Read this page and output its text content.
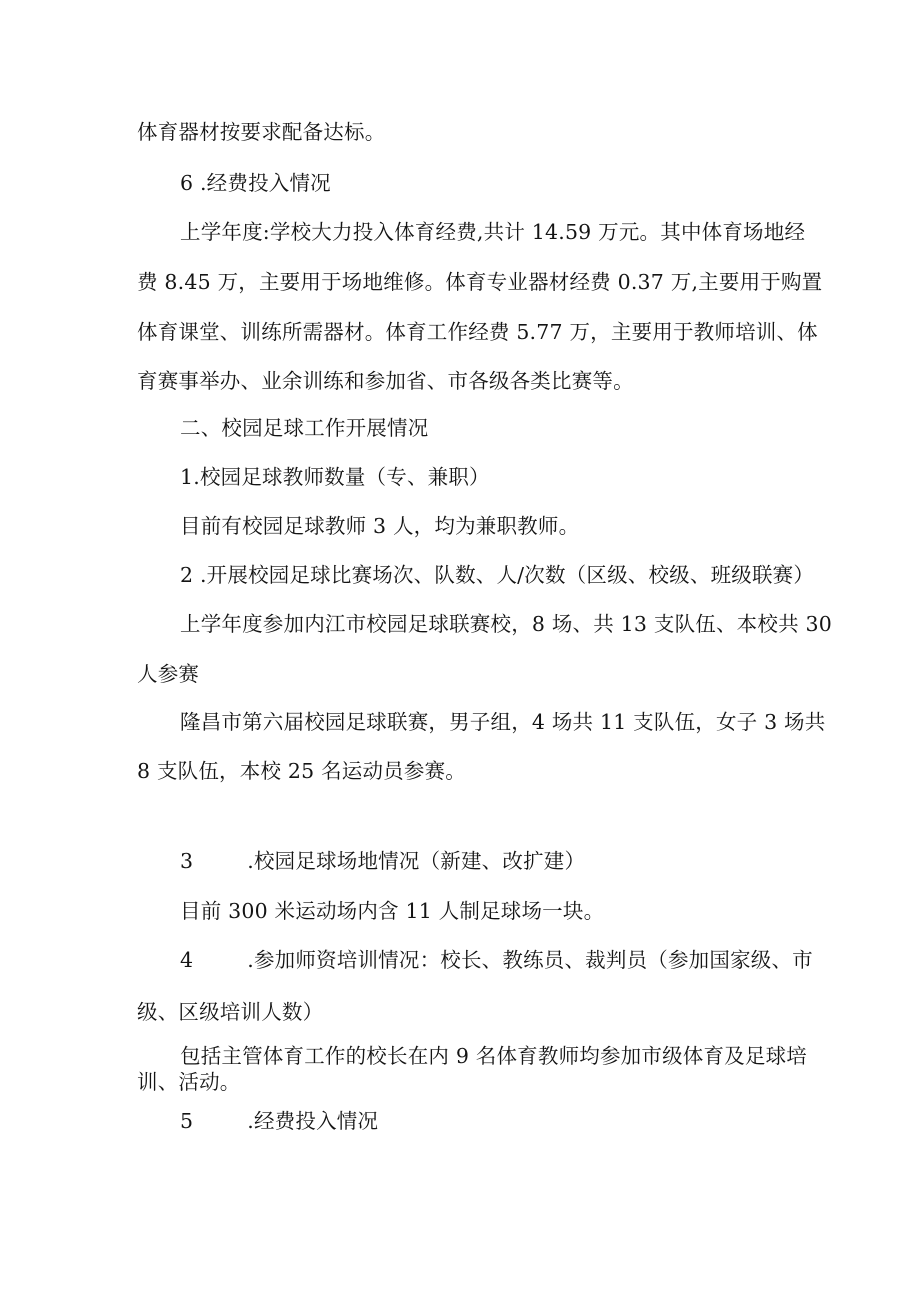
体育器材按要求配备达标。

6 .经费投入情况

上学年度:学校大力投入体育经费,共计 14.59 万元。其中体育场地经

费 8.45 万，主要用于场地维修。体育专业器材经费 0.37 万,主要用于购置

体育课堂、训练所需器材。体育工作经费 5.77 万，主要用于教师培训、体

育赛事举办、业余训练和参加省、市各级各类比赛等。

二、校园足球工作开展情况

1.校园足球教师数量（专、兼职）

目前有校园足球教师 3 人，均为兼职教师。

2 .开展校园足球比赛场次、队数、人/次数（区级、校级、班级联赛）

上学年度参加内江市校园足球联赛校，8 场、共 13 支队伍、本校共 30

人参赛

隆昌市第六届校园足球联赛，男子组，4 场共 11 支队伍，女子 3 场共

8 支队伍，本校 25 名运动员参赛。

3	.校园足球场地情况（新建、改扩建）

目前 300 米运动场内含 11 人制足球场一块。

4	.参加师资培训情况：校长、教练员、裁判员（参加国家级、市

级、区级培训人数）

包括主管体育工作的校长在内 9 名体育教师均参加市级体育及足球培

训、活动。

5	.经费投入情况
